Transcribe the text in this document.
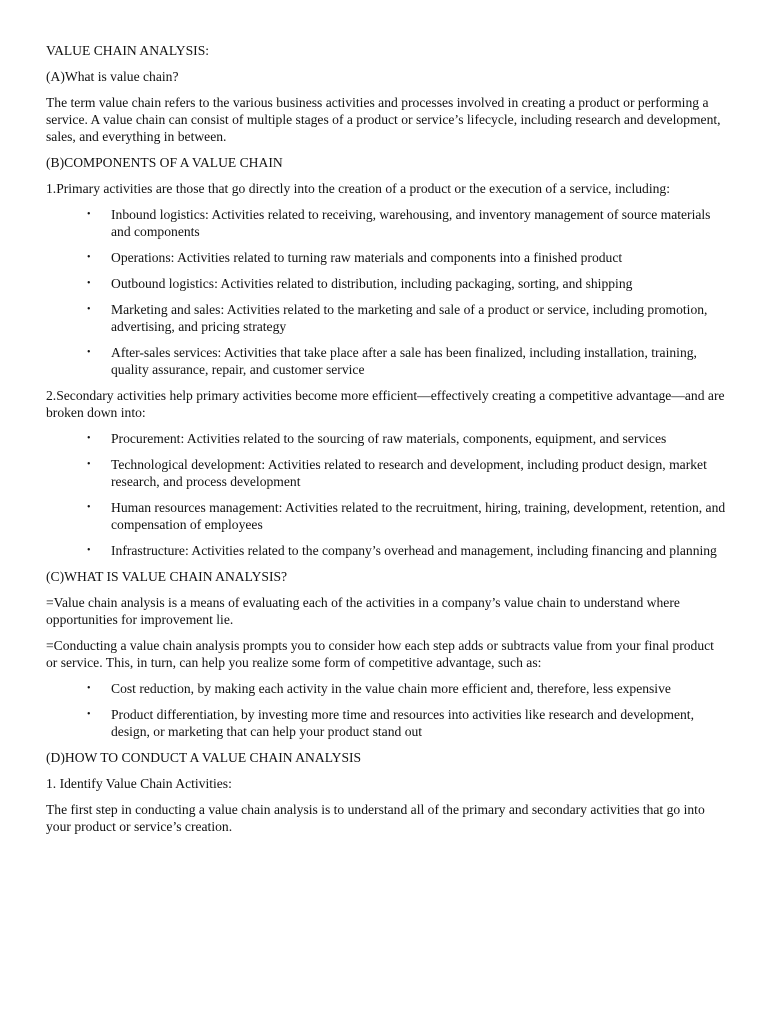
VALUE CHAIN ANALYSIS:

(A)What is value chain?

The term value chain refers to the various business activities and processes involved in creating a product or performing a service. A value chain can consist of multiple stages of a product or service’s lifecycle, including research and development, sales, and everything in between.

(B)COMPONENTS OF A VALUE CHAIN

1.Primary activities are those that go directly into the creation of a product or the execution of a service, including:

• Inbound logistics: Activities related to receiving, warehousing, and inventory management of source materials and components
• Operations: Activities related to turning raw materials and components into a finished product
• Outbound logistics: Activities related to distribution, including packaging, sorting, and shipping
• Marketing and sales: Activities related to the marketing and sale of a product or service, including promotion, advertising, and pricing strategy
• After-sales services: Activities that take place after a sale has been finalized, including installation, training, quality assurance, repair, and customer service

2.Secondary activities help primary activities become more efficient—effectively creating a competitive advantage—and are broken down into:

• Procurement: Activities related to the sourcing of raw materials, components, equipment, and services
• Technological development: Activities related to research and development, including product design, market research, and process development
• Human resources management: Activities related to the recruitment, hiring, training, development, retention, and compensation of employees
• Infrastructure: Activities related to the company’s overhead and management, including financing and planning

(C)WHAT IS VALUE CHAIN ANALYSIS?

=Value chain analysis is a means of evaluating each of the activities in a company’s value chain to understand where opportunities for improvement lie.

=Conducting a value chain analysis prompts you to consider how each step adds or subtracts value from your final product or service. This, in turn, can help you realize some form of competitive advantage, such as:

• Cost reduction, by making each activity in the value chain more efficient and, therefore, less expensive
• Product differentiation, by investing more time and resources into activities like research and development, design, or marketing that can help your product stand out

(D)HOW TO CONDUCT A VALUE CHAIN ANALYSIS

1. Identify Value Chain Activities:

The first step in conducting a value chain analysis is to understand all of the primary and secondary activities that go into your product or service’s creation.
